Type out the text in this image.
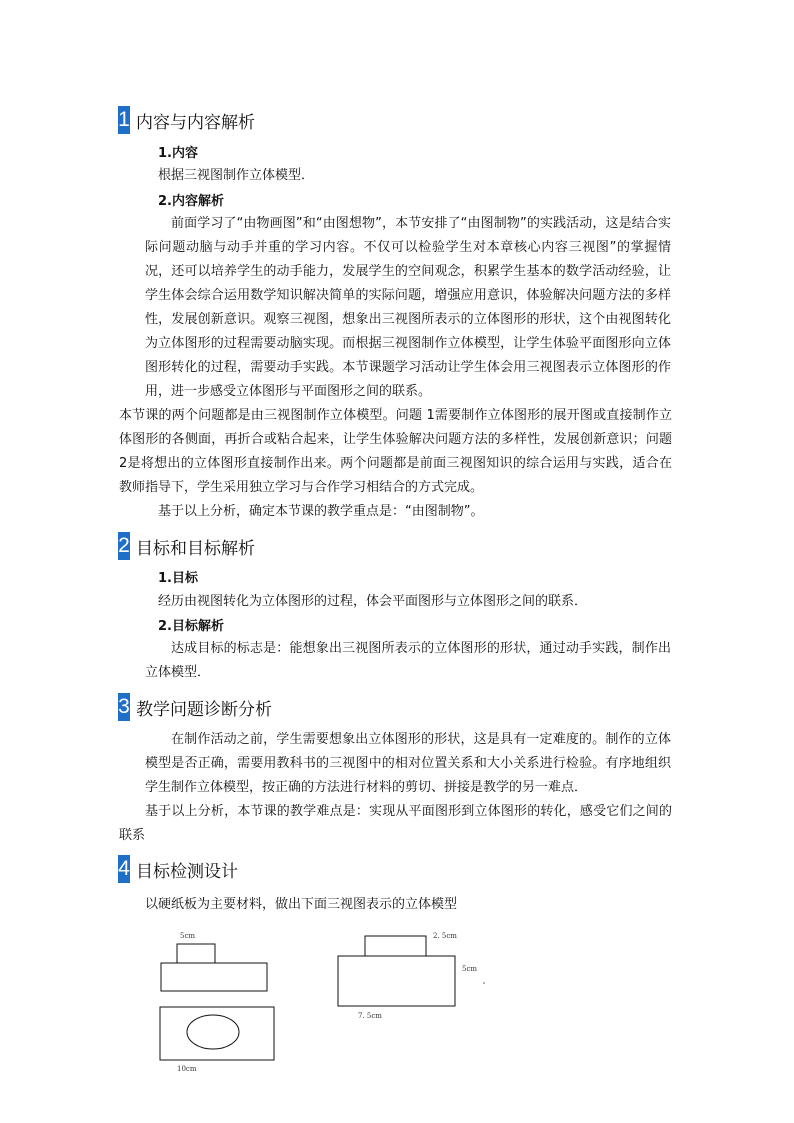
1 内容与内容解析
1.内容

根据三视图制作立体模型．

2.内容解析

前面学习了“由物画图”和“由图想物”，本节安排了“由图制物”的实践活动，这是结合实际问题动脑与动手并重的学习内容。不仅可以检验学生对本章核心内容三视图”的掌握情况，还可以培养学生的动手能力，发展学生的空间观念，积累学生基本的数学活动经验，让学生体会综合运用数学知识解决简单的实际问题，增强应用意识，体验解决问题方法的多样性，发展创新意识。观察三视图，想象出三视图所表示的立体图形的形状，这个由视图转化为立体图形的过程需要动脑实现。而根据三视图制作立体模型，让学生体验平面图形向立体图形转化的过程，需要动手实践。本节课题学习活动让学生体会用三视图表示立体图形的作用，进一步感受立体图形与平面图形之间的联系。

本节课的两个问题都是由三视图制作立体模型。问题 1需要制作立体图形的展开图或直接制作立体图形的各侧面，再折合或粘合起来，让学生体验解决问题方法的多样性，发展创新意识；问题 2是将想出的立体图形直接制作出来。两个问题都是前面三视图知识的综合运用与实践，适合在教师指导下，学生采用独立学习与合作学习相结合的方式完成。

基于以上分析，确定本节课的教学重点是：“由图制物”。

2 目标和目标解析
1.目标

经历由视图转化为立体图形的过程，体会平面图形与立体图形之间的联系．

2.目标解析

达成目标的标志是：能想象出三视图所表示的立体图形的形状，通过动手实践，制作出立体模型．

3 教学问题诊断分析

在制作活动之前，学生需要想象出立体图形的形状，这是具有一定难度的。制作的立体模型是否正确，需要用教科书的三视图中的相对位置关系和大小关系进行检验。有序地组织学生制作立体模型，按正确的方法进行材料的剪切、拼接是教学的另一难点．

基于以上分析，本节课的教学难点是：实现从平面图形到立体图形的转化，感受它们之间的联系

4 目标检测设计

以硬纸板为主要材料，做出下面三视图表示的立体模型

5cm
10cm
2. 5cm
5cm
7. 5cm
